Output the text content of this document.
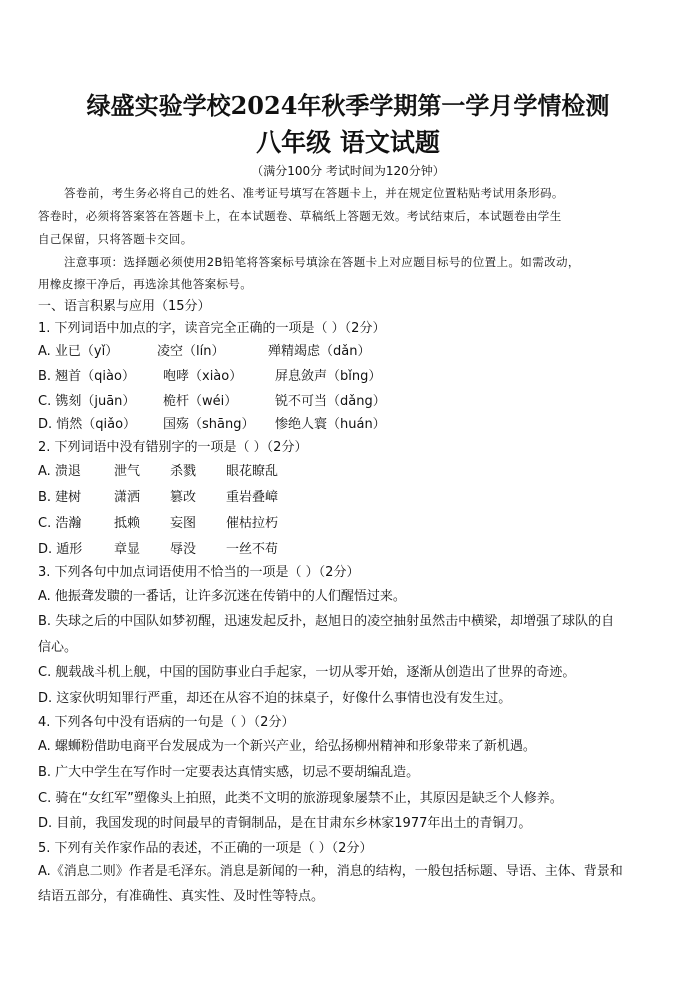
绿盛实验学校2024年秋季学期第一学月学情检测
八年级 语文试题
（满分100分 考试时间为120分钟）
答卷前，考生务必将自己的姓名、准考证号填写在答题卡上，并在规定位置粘贴考试用条形码。
答卷时，必须将答案答在答题卡上，在本试题卷、草稿纸上答题无效。考试结束后，本试题卷由学生
自己保留，只将答题卡交回。
注意事项：选择题必须使用2B铅笔将答案标号填涂在答题卡上对应题目标号的位置上。如需改动，
用橡皮擦干净后，再选涂其他答案标号。
一、语言积累与应用（15分）
1. 下列词语中加点的字，读音完全正确的一项是（ ）（2分）
A. 业已（yǐ）	凌空（lín）	殚精竭虑（dǎn）
B. 翘首（qiào） 咆哮（xiào）	屏息敛声（bǐng）
C. 镌刻（juān） 桅杆（wéi）	锐不可当（dǎng）
D. 悄然（qiǎo） 国殇（shāng） 惨绝人寰（huán）
2. 下列词语中没有错别字的一项是（ ）（2分）
A. 溃退	泄气 杀戮 眼花瞭乱
B. 建树	潇洒 篡改 重岩叠嶂
C. 浩瀚	抵赖 妄图 催枯拉朽
D. 遁形 章显 辱没 一丝不苟
3. 下列各句中加点词语使用不恰当的一项是（ ）（2分）
A. 他振聋发聩的一番话，让许多沉迷在传销中的人们醒悟过来。
B. 失球之后的中国队如梦初醒，迅速发起反扑，赵旭日的凌空抽射虽然击中横梁，却增强了球队的自
信心。
C. 舰载战斗机上舰，中国的国防事业白手起家，一切从零开始，逐渐从创造出了世界的奇迹。
D. 这家伙明知罪行严重，却还在从容不迫的抹桌子，好像什么事情也没有发生过。
4. 下列各句中没有语病的一句是（ ）（2分）
A. 螺蛳粉借助电商平台发展成为一个新兴产业，给弘扬柳州精神和形象带来了新机遇。
B. 广大中学生在写作时一定要表达真情实感，切忌不要胡编乱造。
C. 骑在“女红军”塑像头上拍照，此类不文明的旅游现象屡禁不止，其原因是缺乏个人修养。
D. 目前，我国发现的时间最早的青铜制品，是在甘肃东乡林家1977年出土的青铜刀。
5. 下列有关作家作品的表述，不正确的一项是（ ）（2分）
A.《消息二则》作者是毛泽东。消息是新闻的一种，消息的结构，一般包括标题、导语、主体、背景和
结语五部分，有准确性、真实性、及时性等特点。
